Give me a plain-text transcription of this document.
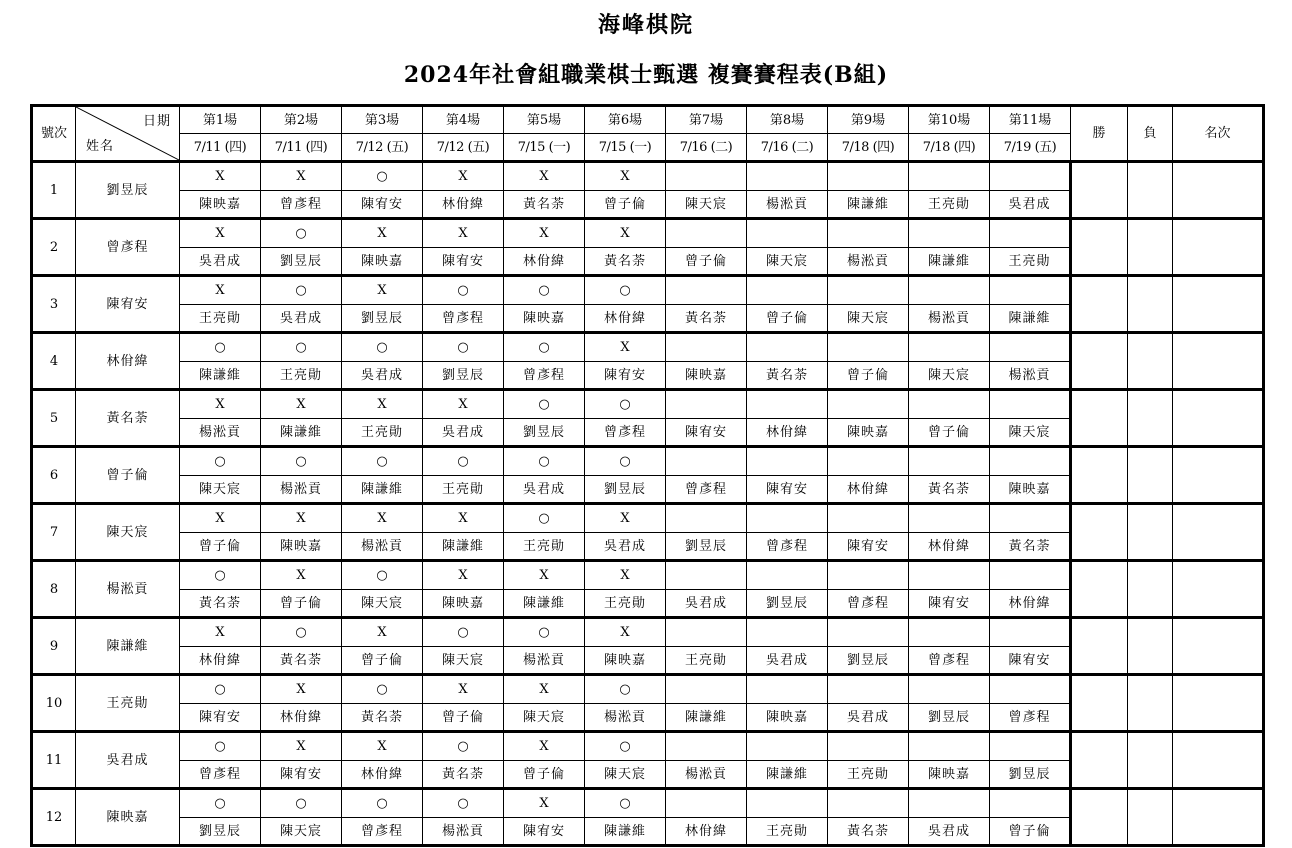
海峰棋院
2024年社會組職業棋士甄選 複賽賽程表(B組)
號次	日期
姓名	第1場	第2場	第3場	第4場	第5場	第6場	第7場	第8場	第9場	第10場	第11場	勝	負	名次
		7/11 (四)	7/11 (四)	7/12 (五)	7/12 (五)	7/15 (一)	7/15 (一)	7/16 (二)	7/16 (二)	7/18 (四)	7/18 (四)	7/19 (五)			
1	劉昱辰	X	X	○	X	X	X								
		陳映嘉	曾彥程	陳宥安	林佾緯	黃名荼	曾子倫	陳天宸	楊淞貢	陳謙維	王亮勛	吳君成			
2	曾彥程	X	○	X	X	X	X								
		吳君成	劉昱辰	陳映嘉	陳宥安	林佾緯	黃名荼	曾子倫	陳天宸	楊淞貢	陳謙維	王亮勛			
3	陳宥安	X	○	X	○	○	○								
		王亮勛	吳君成	劉昱辰	曾彥程	陳映嘉	林佾緯	黃名荼	曾子倫	陳天宸	楊淞貢	陳謙維			
4	林佾緯	○	○	○	○	○	X								
		陳謙維	王亮勛	吳君成	劉昱辰	曾彥程	陳宥安	陳映嘉	黃名荼	曾子倫	陳天宸	楊淞貢			
5	黃名荼	X	X	X	X	○	○								
		楊淞貢	陳謙維	王亮勛	吳君成	劉昱辰	曾彥程	陳宥安	林佾緯	陳映嘉	曾子倫	陳天宸			
6	曾子倫	○	○	○	○	○	○								
		陳天宸	楊淞貢	陳謙維	王亮勛	吳君成	劉昱辰	曾彥程	陳宥安	林佾緯	黃名荼	陳映嘉			
7	陳天宸	X	X	X	X	○	X								
		曾子倫	陳映嘉	楊淞貢	陳謙維	王亮勛	吳君成	劉昱辰	曾彥程	陳宥安	林佾緯	黃名荼			
8	楊淞貢	○	X	○	X	X	X								
		黃名荼	曾子倫	陳天宸	陳映嘉	陳謙維	王亮勛	吳君成	劉昱辰	曾彥程	陳宥安	林佾緯			
9	陳謙維	X	○	X	○	○	X								
		林佾緯	黃名荼	曾子倫	陳天宸	楊淞貢	陳映嘉	王亮勛	吳君成	劉昱辰	曾彥程	陳宥安			
10	王亮勛	○	X	○	X	X	○								
		陳宥安	林佾緯	黃名荼	曾子倫	陳天宸	楊淞貢	陳謙維	陳映嘉	吳君成	劉昱辰	曾彥程			
11	吳君成	○	X	X	○	X	○								
		曾彥程	陳宥安	林佾緯	黃名荼	曾子倫	陳天宸	楊淞貢	陳謙維	王亮勛	陳映嘉	劉昱辰			
12	陳映嘉	○	○	○	○	X	○								
		劉昱辰	陳天宸	曾彥程	楊淞貢	陳宥安	陳謙維	林佾緯	王亮勛	黃名荼	吳君成	曾子倫			
